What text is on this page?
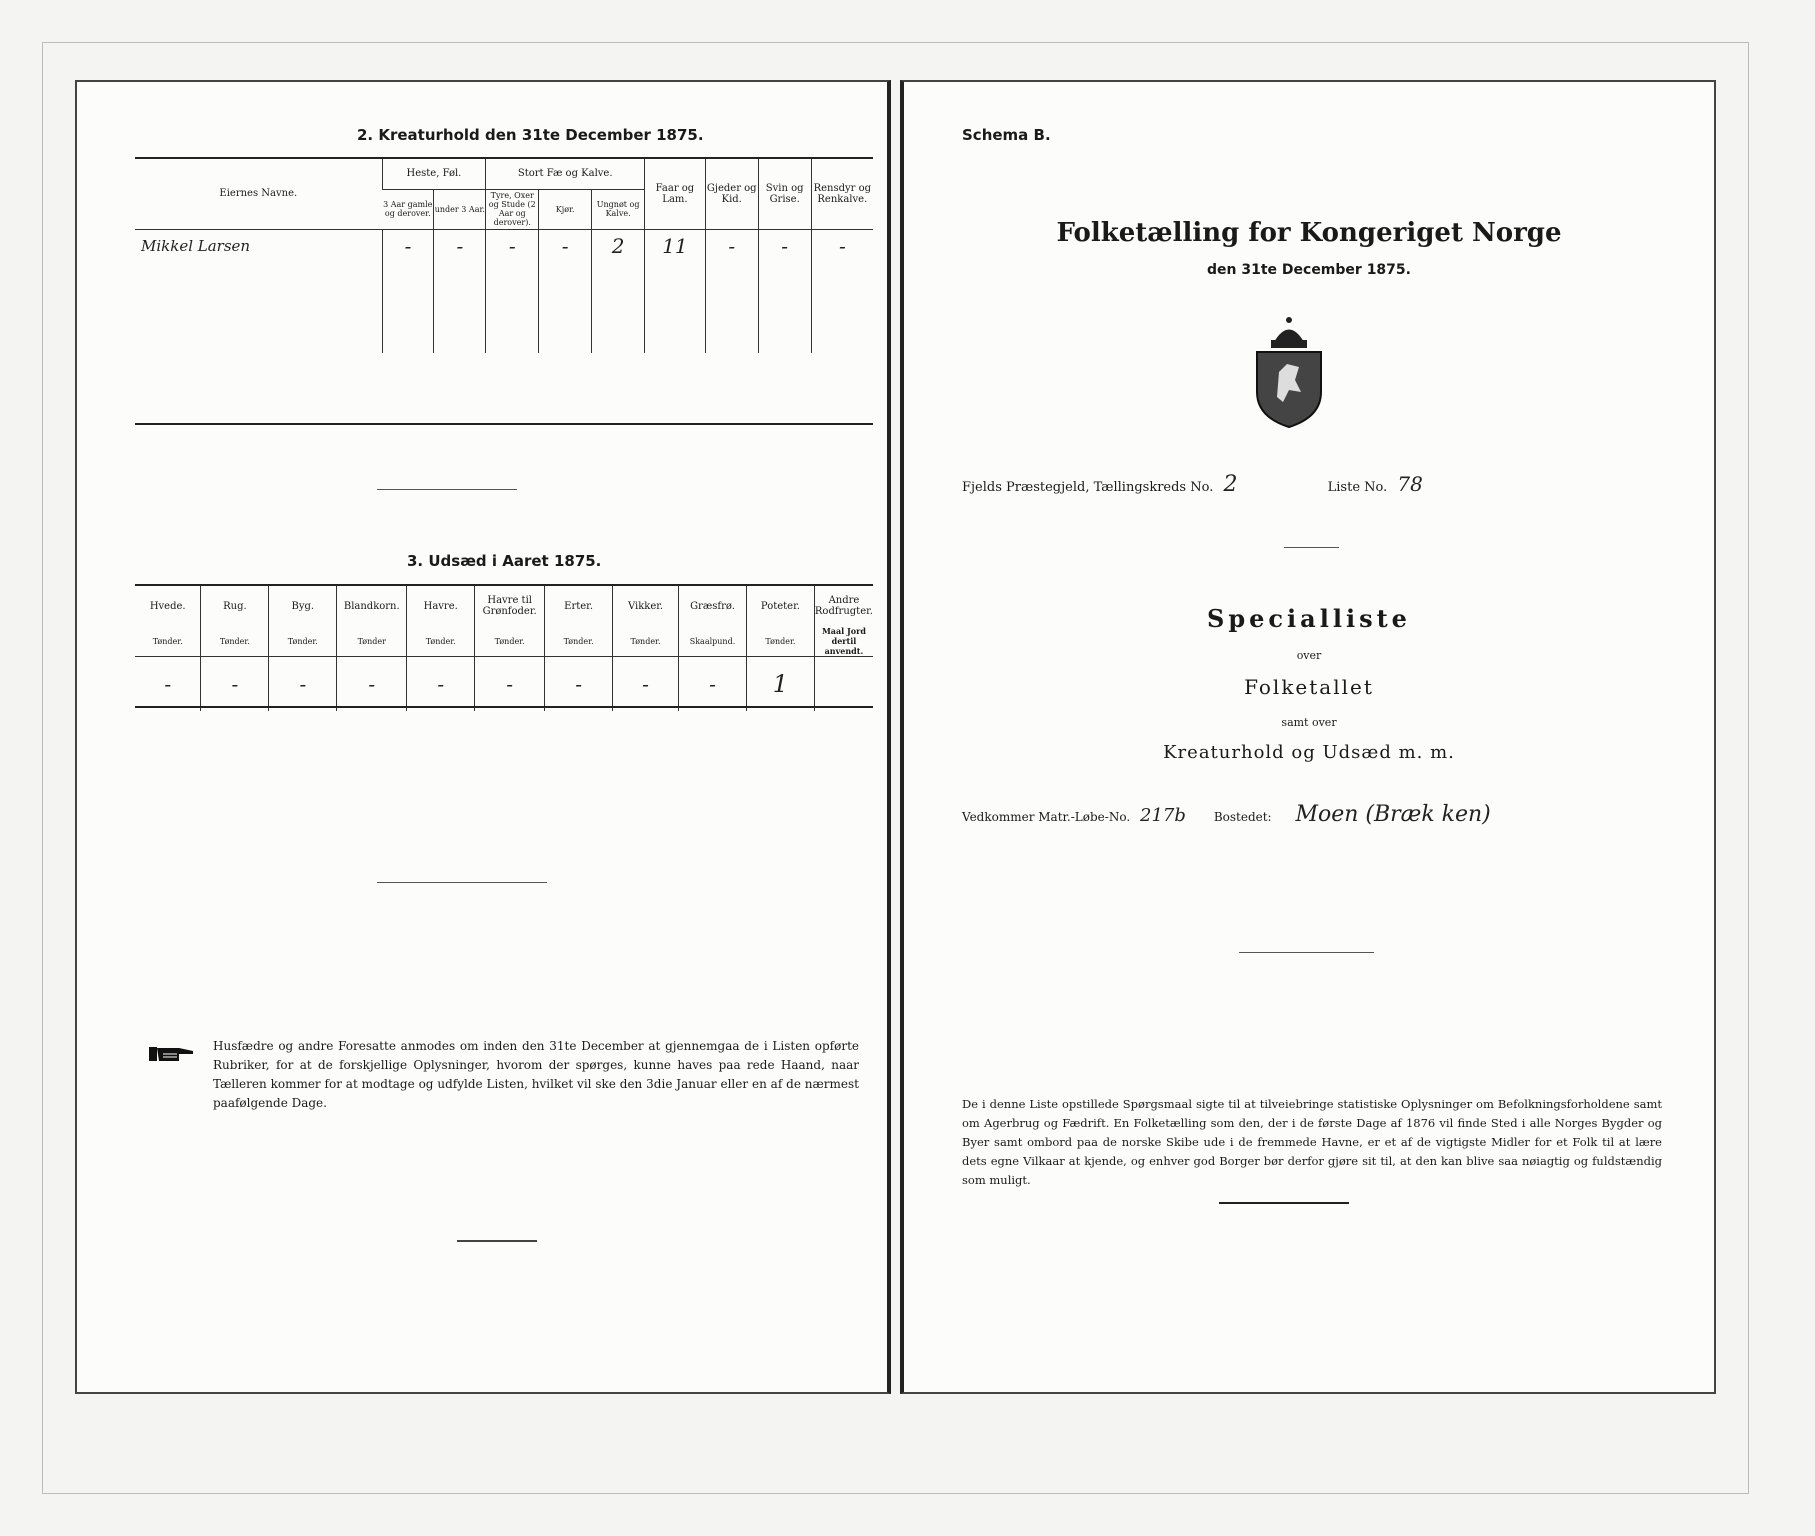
2. Kreaturhold den 31te December 1875.
Eiernes Navne.	Heste, Føl.		Stort Fæ og Kalve.			Faar og Lam.	Gjeder og Kid.	Svin og Grise.	Rensdyr og Renkalve.
	3 Aar gamle og derover.	under 3 Aar.	Tyre, Oxer og Stude (2 Aar og derover).	Kjør.	Ungnøt og Kalve.				
Mikkel Larsen	-	-	-	-	2	11	-	-	-

3. Udsæd i Aaret 1875.
Hvede.	Rug.	Byg.	Blandkorn.	Havre.	Havre til Grønfoder.	Erter.	Vikker.	Græsfrø.	Poteter.	Andre Rodfrugter.
Tønder.	Tønder.	Tønder.	Tønder	Tønder.	Tønder.	Tønder.	Tønder.	Skaalpund.	Tønder.	Maal Jord dertil anvendt.
-	-	-	-	-	-	-	-	-	1	
Husfædre og andre Foresatte anmodes om inden den 31te December at gjennemgaa de i Listen opførte Rubriker, for at de forskjellige Oplysninger, hvorom der spørges, kunne haves paa rede Haand, naar Tælleren kommer for at modtage og udfylde Listen, hvilket vil ske den 3die Januar eller en af de nærmest paafølgende Dage.
Schema B.
Folketælling for Kongeriget Norge
den 31te December 1875.
Fjelds Præstegjeld, Tællingskreds No. 2	Liste No. 78
Specialliste
over
Folketallet
samt over
Kreaturhold og Udsæd m. m.
Vedkommer Matr.-Løbe-No. 217b Bostedet: Moen (Bræk ken)
De i denne Liste opstillede Spørgsmaal sigte til at tilveiebringe statistiske Oplysninger om Befolkningsforholdene samt om Agerbrug og Fædrift. En Folketælling som den, der i de første Dage af 1876 vil finde Sted i alle Norges Bygder og Byer samt ombord paa de norske Skibe ude i de fremmede Havne, er et af de vigtigste Midler for et Folk til at lære dets egne Vilkaar at kjende, og enhver god Borger bør derfor gjøre sit til, at den kan blive saa nøiagtig og fuldstændig som muligt.
